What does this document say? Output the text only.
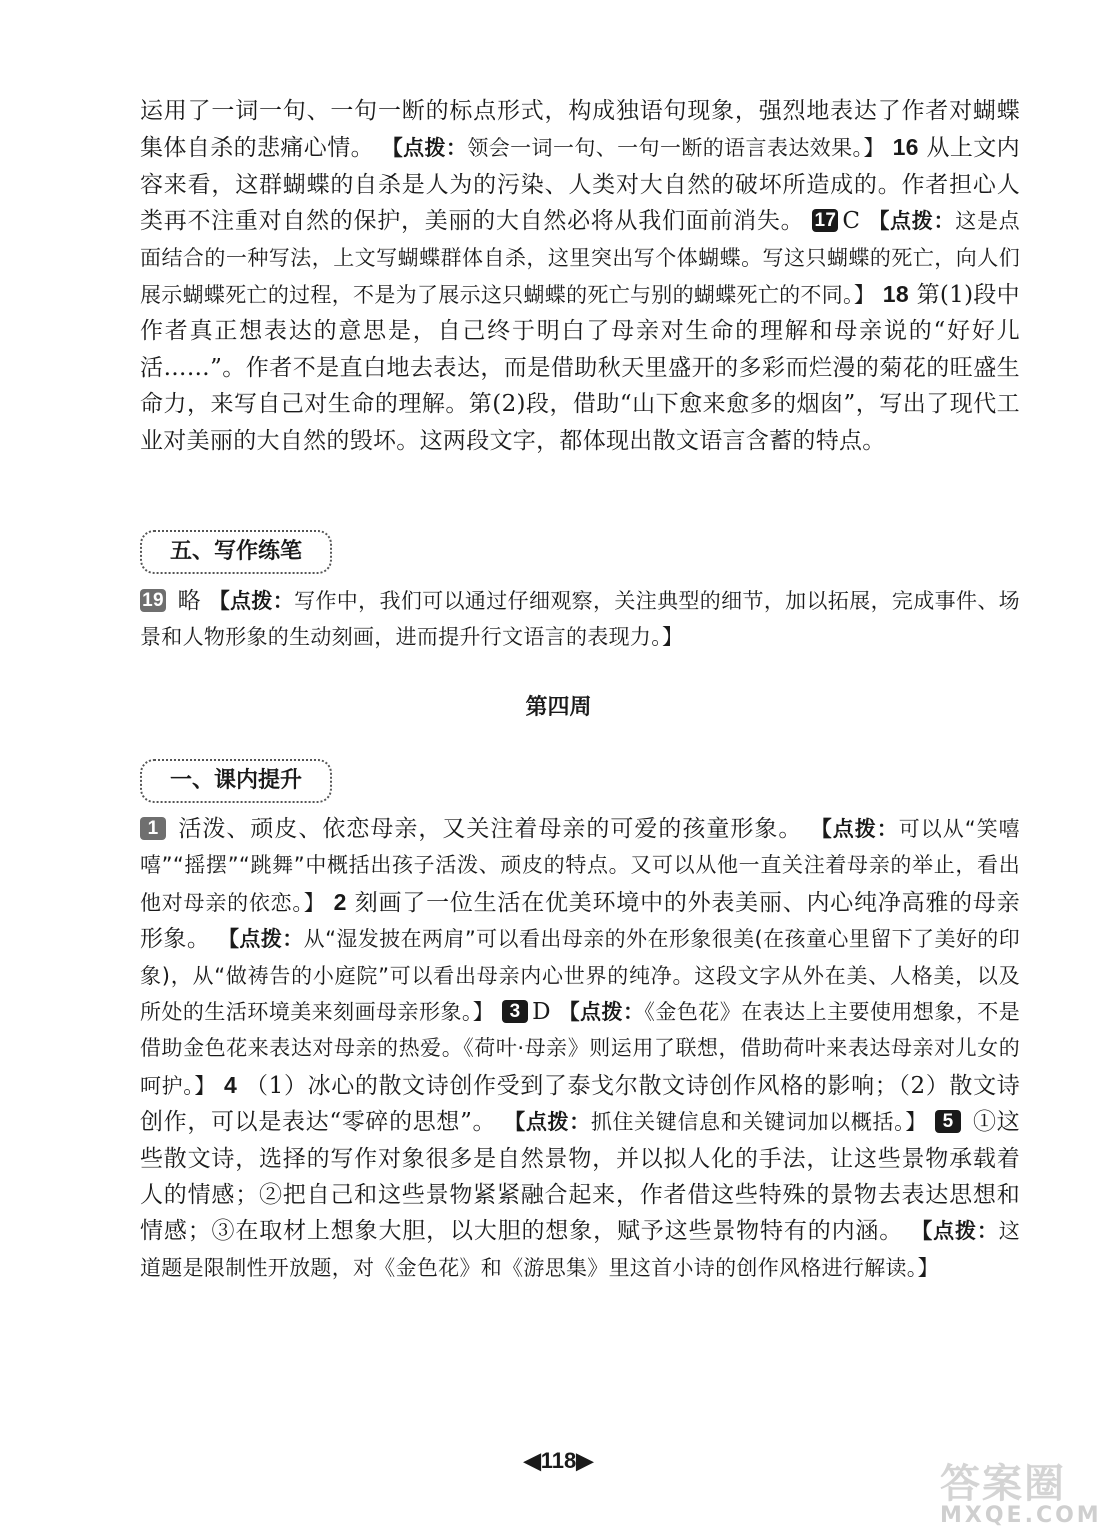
运用了一词一句、一句一断的标点形式，构成独语句现象，强烈地表达了作者对蝴蝶集体自杀的悲痛心情。 【点拨：领会一词一句、一句一断的语言表达效果。】 16 从上文内容来看，这群蝴蝶的自杀是人为的污染、人类对大自然的破坏所造成的。作者担心人类再不注重对自然的保护，美丽的大自然必将从我们面前消失。 17 C 【点拨：这是点面结合的一种写法，上文写蝴蝶群体自杀，这里突出写个体蝴蝶。写这只蝴蝶的死亡，向人们展示蝴蝶死亡的过程，不是为了展示这只蝴蝶的死亡与别的蝴蝶死亡的不同。】 18 第(1)段中作者真正想表达的意思是，自己终于明白了母亲对生命的理解和母亲说的“好好儿活……”。作者不是直白地去表达，而是借助秋天里盛开的多彩而烂漫的菊花的旺盛生命力，来写自己对生命的理解。第(2)段，借助“山下愈来愈多的烟囱”，写出了现代工业对美丽的大自然的毁坏。这两段文字，都体现出散文语言含蓄的特点。
五、写作练笔
19 略 【点拨：写作中，我们可以通过仔细观察，关注典型的细节，加以拓展，完成事件、场景和人物形象的生动刻画，进而提升行文语言的表现力。】
第四周
一、课内提升
1 活泼、顽皮、依恋母亲，又关注着母亲的可爱的孩童形象。 【点拨：可以从“笑嘻嘻”“摇摆”“跳舞”中概括出孩子活泼、顽皮的特点。又可以从他一直关注着母亲的举止，看出他对母亲的依恋。】 2 刻画了一位生活在优美环境中的外表美丽、内心纯净高雅的母亲形象。 【点拨：从“湿发披在两肩”可以看出母亲的外在形象很美(在孩童心里留下了美好的印象)，从“做祷告的小庭院”可以看出母亲内心世界的纯净。这段文字从外在美、人格美，以及所处的生活环境美来刻画母亲形象。】 3 D 【点拨：《金色花》在表达上主要使用想象，不是借助金色花来表达对母亲的热爱。《荷叶·母亲》则运用了联想，借助荷叶来表达母亲对儿女的呵护。】 4 （1）冰心的散文诗创作受到了泰戈尔散文诗创作风格的影响；（2）散文诗创作，可以是表达“零碎的思想”。 【点拨：抓住关键信息和关键词加以概括。】 5 ①这些散文诗，选择的写作对象很多是自然景物，并以拟人化的手法，让这些景物承载着人的情感；②把自己和这些景物紧紧融合起来，作者借这些特殊的景物去表达思想和情感；③在取材上想象大胆，以大胆的想象，赋予这些景物特有的内涵。 【点拨：这道题是限制性开放题，对《金色花》和《游思集》里这首小诗的创作风格进行解读。】
◀118▶
答案圈
MXQE.COM
